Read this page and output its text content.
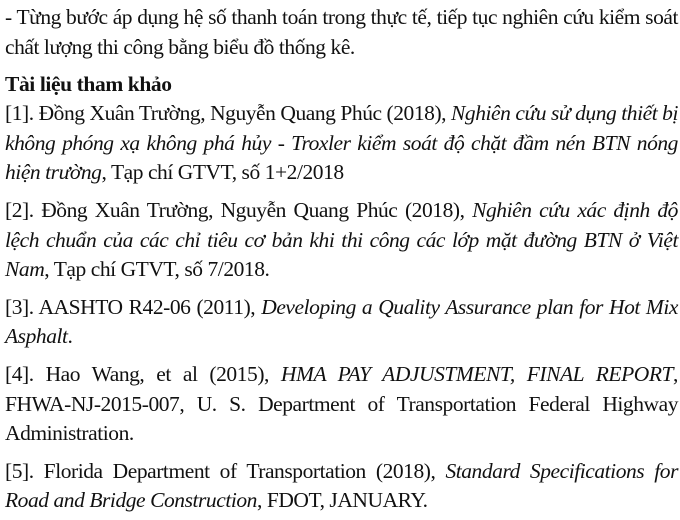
- Từng bước áp dụng hệ số thanh toán trong thực tế, tiếp tục nghiên cứu kiểm soát chất lượng thi công bằng biểu đồ thống kê.

Tài liệu tham khảo

[1]. Đồng Xuân Trường, Nguyễn Quang Phúc (2018), Nghiên cứu sử dụng thiết bị không phóng xạ không phá hủy - Troxler kiểm soát độ chặt đầm nén BTN nóng hiện trường, Tạp chí GTVT, số 1+2/2018

[2]. Đồng Xuân Trường, Nguyễn Quang Phúc (2018), Nghiên cứu xác định độ lệch chuẩn của các chỉ tiêu cơ bản khi thi công các lớp mặt đường BTN ở Việt Nam, Tạp chí GTVT, số 7/2018.

[3]. AASHTO R42-06 (2011), Developing a Quality Assurance plan for Hot Mix Asphalt.

[4]. Hao Wang, et al (2015), HMA PAY ADJUSTMENT, FINAL REPORT, FHWA-NJ-2015-007, U. S. Department of Transportation Federal Highway Administration.

[5]. Florida Department of Transportation (2018), Standard Specifications for Road and Bridge Construction, FDOT, JANUARY.
